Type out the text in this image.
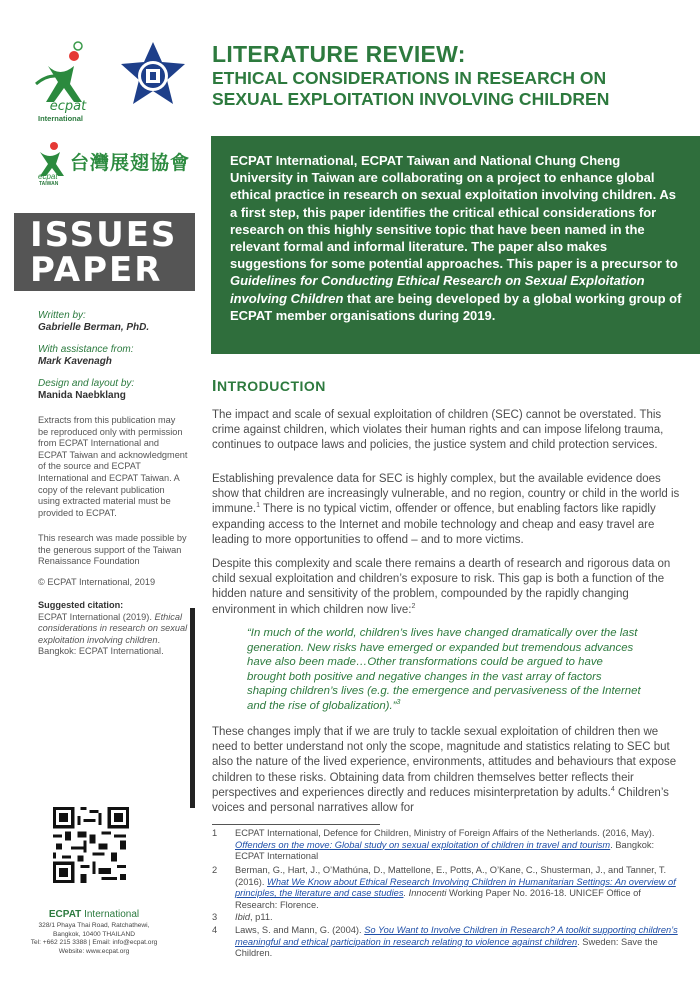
ecpat
International
ecpat
TAIWAN
台灣展翅協會
ISSUES
PAPER
Written by:
Gabrielle Berman, PhD.
With assistance from:
Mark Kavenagh
Design and layout by:
Manida Naebklang
Extracts from this publication may be reproduced only with permission from ECPAT International and ECPAT Taiwan and acknowledgment of the source and ECPAT International and ECPAT Taiwan. A copy of the relevant publication using extracted material must be provided to ECPAT.
This research was made possible by the generous support of the Taiwan Renaissance Foundation
© ECPAT International, 2019
Suggested citation:
ECPAT International (2019). Ethical considerations in research on sexual exploitation involving children. Bangkok: ECPAT International.
ECPAT International
328/1 Phaya Thai Road, Ratchathewi,
Bangkok, 10400 THAILAND
Tel: +662 215 3388 | Email: info@ecpat.org
Website: www.ecpat.org
LITERATURE REVIEW:
ETHICAL CONSIDERATIONS IN RESEARCH ON
SEXUAL EXPLOITATION INVOLVING CHILDREN
ECPAT International, ECPAT Taiwan and National Chung Cheng University in Taiwan are collaborating on a project to enhance global ethical practice in research on sexual exploitation involving children. As a first step, this paper identifies the critical ethical considerations for research on this highly sensitive topic that have been named in the relevant formal and informal literature. The paper also makes suggestions for some potential approaches. This paper is a precursor to Guidelines for Conducting Ethical Research on Sexual Exploitation involving Children that are being developed by a global working group of ECPAT member organisations during 2019.
INTRODUCTION
The impact and scale of sexual exploitation of children (SEC) cannot be overstated. This crime against children, which violates their human rights and can impose lifelong trauma, continues to outpace laws and policies, the justice system and child protection services.
Establishing prevalence data for SEC is highly complex, but the available evidence does show that children are increasingly vulnerable, and no region, country or child in the world is immune.$^1$ There is no typical victim, offender or offence, but enabling factors like rapidly expanding access to the Internet and mobile technology and cheap and easy travel are leading to more opportunities to offend – and to more victims.
Despite this complexity and scale there remains a dearth of research and rigorous data on child sexual exploitation and children’s exposure to risk. This gap is both a function of the hidden nature and sensitivity of the problem, compounded by the rapidly changing environment in which children now live:$^2$
“In much of the world, children’s lives have changed dramatically over the last generation. New risks have emerged or expanded but tremendous advances have also been made…Other transformations could be argued to have brought both positive and negative changes in the vast array of factors shaping children’s lives (e.g. the emergence and pervasiveness of the Internet and the rise of globalization).”$^3$
These changes imply that if we are truly to tackle sexual exploitation of children then we need to better understand not only the scope, magnitude and statistics relating to SEC but also the nature of the lived experience, environments, attitudes and behaviours that expose children to these risks. Obtaining data from children themselves better reflects their perspectives and experiences directly and reduces misinterpretation by adults.$^4$ Children’s voices and personal narratives allow for
1 ECPAT International, Defence for Children, Ministry of Foreign Affairs of the Netherlands. (2016, May). Offenders on the move: Global study on sexual exploitation of children in travel and tourism. Bangkok: ECPAT International
2 Berman, G., Hart, J., O’Mathúna, D., Mattellone, E., Potts, A., O’Kane, C., Shusterman, J., and Tanner, T. (2016). What We Know about Ethical Research Involving Children in Humanitarian Settings: An overview of principles, the literature and case studies. Innocenti Working Paper No. 2016-18. UNICEF Office of Research: Florence.
3 Ibid, p11.
4 Laws, S. and Mann, G. (2004). So You Want to Involve Children in Research? A toolkit supporting children’s meaningful and ethical participation in research relating to violence against children. Sweden: Save the Children.
